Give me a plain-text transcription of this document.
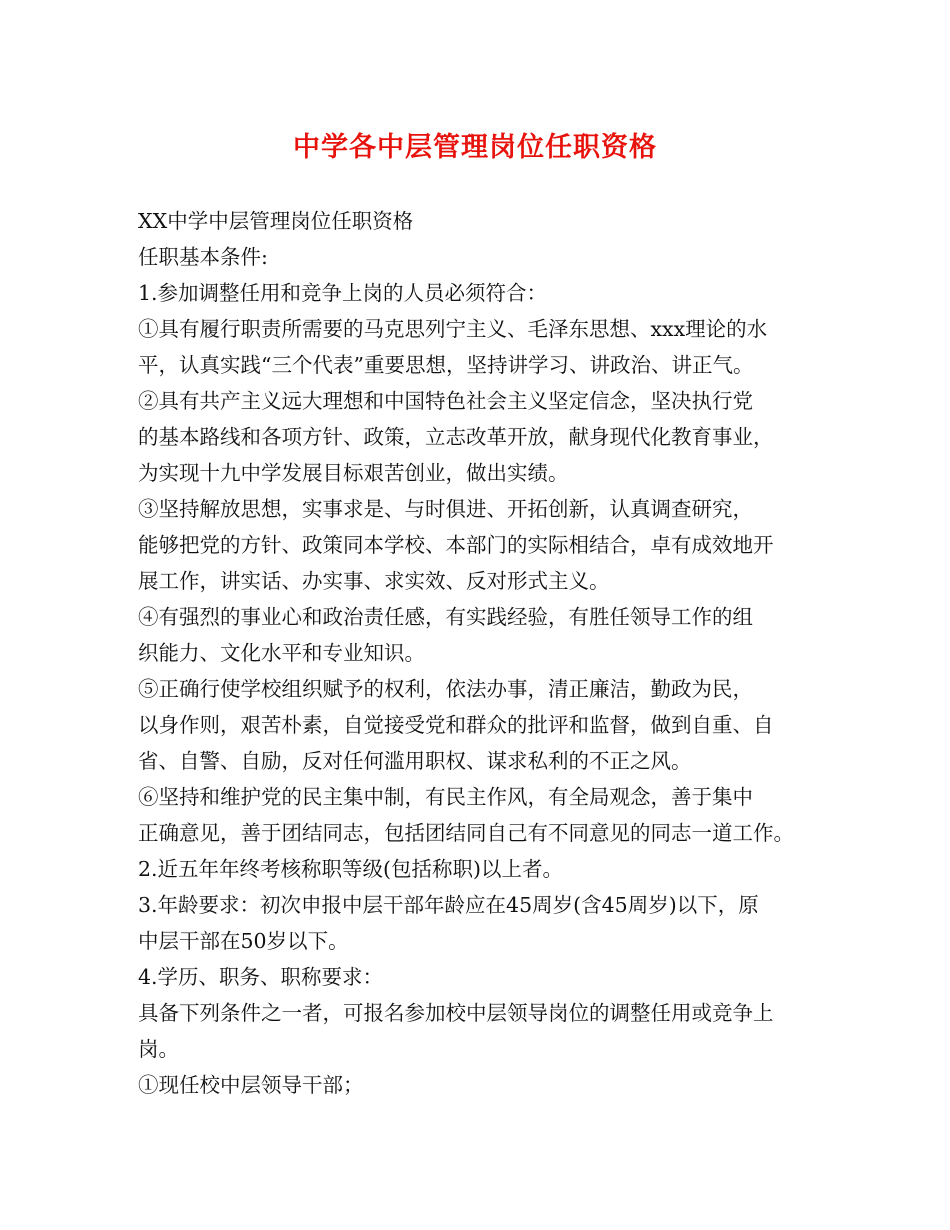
中学各中层管理岗位任职资格
XX中学中层管理岗位任职资格
任职基本条件:
1.参加调整任用和竞争上岗的人员必须符合：
①具有履行职责所需要的马克思列宁主义、毛泽东思想、xxx理论的水
平，认真实践“三个代表”重要思想，坚持讲学习、讲政治、讲正气。
②具有共产主义远大理想和中国特色社会主义坚定信念，坚决执行党
的基本路线和各项方针、政策，立志改革开放，献身现代化教育事业，
为实现十九中学发展目标艰苦创业，做出实绩。
③坚持解放思想，实事求是、与时俱进、开拓创新，认真调查研究，
能够把党的方针、政策同本学校、本部门的实际相结合，卓有成效地开
展工作，讲实话、办实事、求实效、反对形式主义。
④有强烈的事业心和政治责任感，有实践经验，有胜任领导工作的组
织能力、文化水平和专业知识。
⑤正确行使学校组织赋予的权利，依法办事，清正廉洁，勤政为民，
以身作则，艰苦朴素，自觉接受党和群众的批评和监督，做到自重、自
省、自警、自励，反对任何滥用职权、谋求私利的不正之风。
⑥坚持和维护党的民主集中制，有民主作风，有全局观念，善于集中
正确意见，善于团结同志，包括团结同自己有不同意见的同志一道工作。
2.近五年年终考核称职等级(包括称职)以上者。
3.年龄要求：初次申报中层干部年龄应在45周岁(含45周岁)以下，原
中层干部在50岁以下。
4.学历、职务、职称要求：
具备下列条件之一者，可报名参加校中层领导岗位的调整任用或竞争上
岗。
①现任校中层领导干部；
